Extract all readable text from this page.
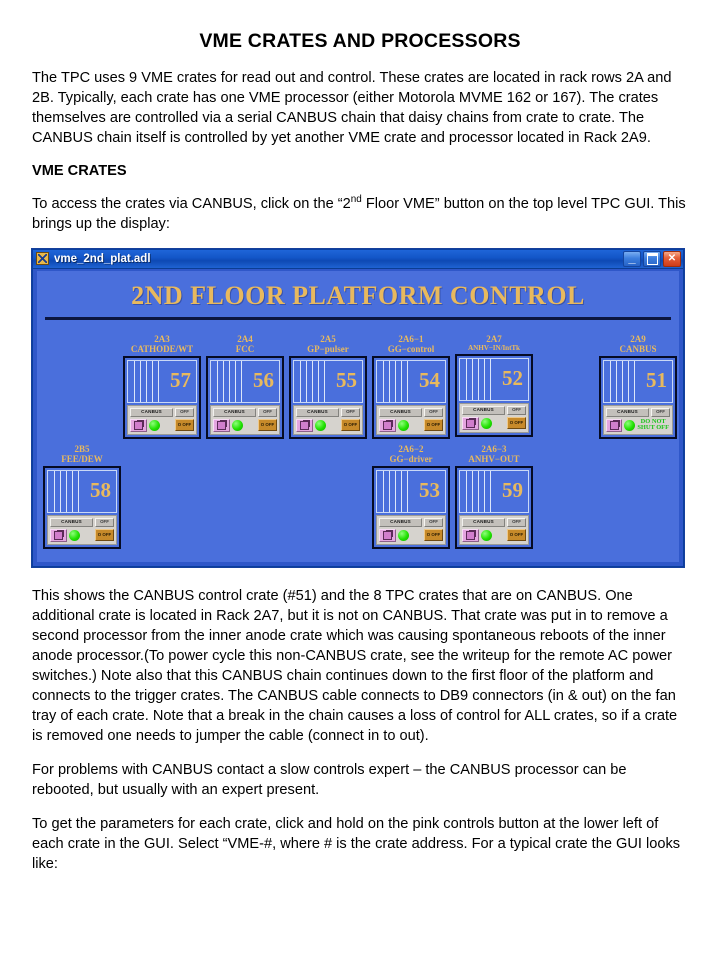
VME CRATES AND PROCESSORS

The TPC uses 9 VME crates for read out and control. These crates are located in rack rows 2A and 2B. Typically, each crate has one VME processor (either Motorola MVME 162 or 167). The crates themselves are controlled via a serial CANBUS chain that daisy chains from crate to crate. The CANBUS chain itself is controlled by yet another VME crate and processor located in Rack 2A9.

VME CRATES

To access the crates via CANBUS, click on the “2nd Floor VME” button on the top level TPC GUI. This brings up the display:

vme_2nd_plat.adl	_	✕
2ND FLOOR PLATFORM CONTROL
2A3
CATHODE/WT
57
CANBUS	OFF
O OFF
2A4
FCC
56
CANBUS	OFF
O OFF
2A5
GP−pulser
55
CANBUS	OFF
O OFF
2A6−1
GG−control
54
CANBUS	OFF
O OFF
2A7
ANHV−IN/IntTk
52
CANBUS	OFF
O OFF
2A9
CANBUS
51
CANBUS	OFF
DO NOT
SHUT OFF
2B5
FEE/DEW
58
CANBUS	OFF
O OFF
2A6−2
GG−driver
53
CANBUS	OFF
O OFF
2A6−3
ANHV−OUT
59
CANBUS	OFF
O OFF

This shows the CANBUS control crate (#51) and the 8 TPC crates that are on CANBUS. One additional crate is located in Rack 2A7, but it is not on CANBUS. That crate was put in to remove a second processor from the inner anode crate which was causing spontaneous reboots of the inner anode processor.(To power cycle this non-CANBUS crate, see the writeup for the remote AC power switches.) Note also that this CANBUS chain continues down to the first floor of the platform and connects to the trigger crates. The CANBUS cable connects to DB9 connectors (in & out) on the fan tray of each crate. Note that a break in the chain causes a loss of control for ALL crates, so if a crate is removed one needs to jumper the cable (connect in to out).

For problems with CANBUS contact a slow controls expert – the CANBUS processor can be rebooted, but usually with an expert present.

To get the parameters for each crate, click and hold on the pink controls button at the lower left of each crate in the GUI. Select “VME-#, where # is the crate address. For a typical crate the GUI looks like:
